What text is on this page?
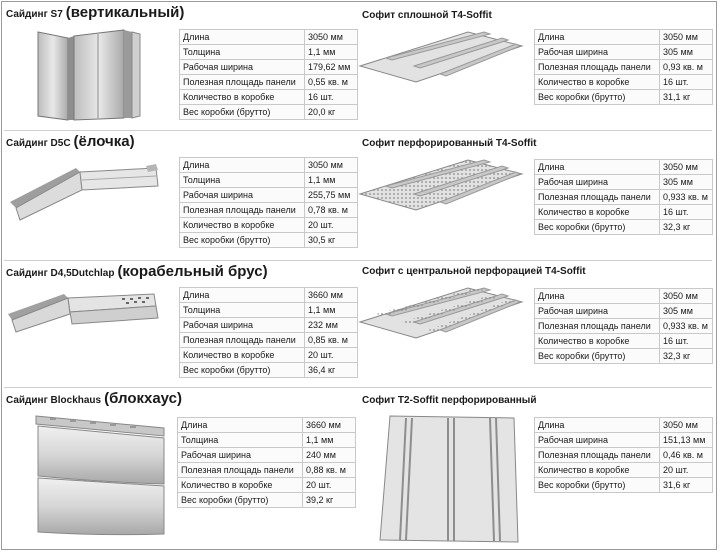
Сайдинг S7 (вертикальный)
Длина	3050 мм
Толщина	1,1 мм
Рабочая ширина	179,62 мм
Полезная площадь панели	0,55 кв. м
Количество в коробке	16 шт.
Вес коробки (брутто)	20,0 кг
Сайдинг D5C (ёлочка)
Длина	3050 мм
Толщина	1,1 мм
Рабочая ширина	255,75 мм
Полезная площадь панели	0,78 кв. м
Количество в коробке	20 шт.
Вес коробки (брутто)	30,5 кг
Сайдинг D4,5Dutchlap (корабельный брус)
Длина	3660 мм
Толщина	1,1 мм
Рабочая ширина	232 мм
Полезная площадь панели	0,85 кв. м
Количество в коробке	20 шт.
Вес коробки (брутто)	36,4 кг
Сайдинг Blockhaus (блокхаус)
Длина	3660 мм
Толщина	1,1 мм
Рабочая ширина	240 мм
Полезная площадь панели	0,88 кв. м
Количество в коробке	20 шт.
Вес коробки (брутто)	39,2 кг
Софит сплошной Т4-Soffit
Длина	3050 мм
Рабочая ширина	305 мм
Полезная площадь панели	0,93 кв. м
Количество в коробке	16 шт.
Вес коробки (брутто)	31,1 кг
Софит перфорированный Т4-Soffit
Длина	3050 мм
Рабочая ширина	305 мм
Полезная площадь панели	0,933 кв. м
Количество в коробке	16 шт.
Вес коробки (брутто)	32,3 кг
Софит с центральной перфорацией Т4-Soffit
Длина	3050 мм
Рабочая ширина	305 мм
Полезная площадь панели	0,933 кв. м
Количество в коробке	16 шт.
Вес коробки (брутто)	32,3 кг
Софит Т2-Soffit перфорированный
Длина	3050 мм
Рабочая ширина	151,13 мм
Полезная площадь панели	0,46 кв. м
Количество в коробке	20 шт.
Вес коробки (брутто)	31,6 кг
